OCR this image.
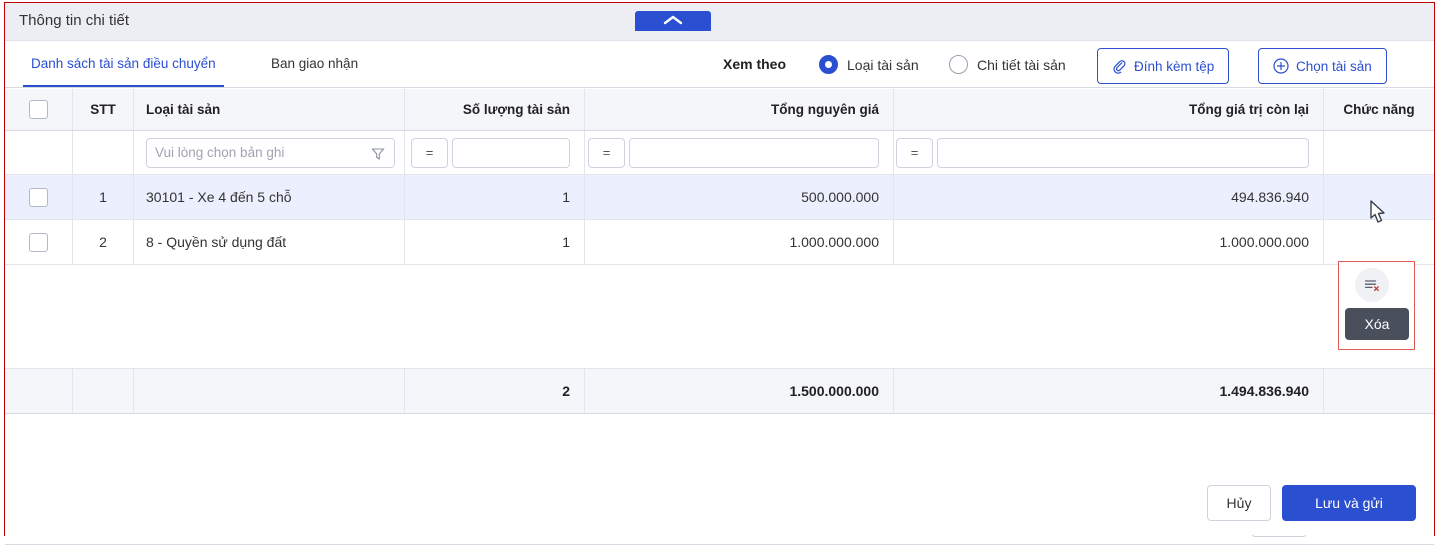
Thông tin chi tiết
Danh sách tài sản điều chuyển	Ban giao nhận	Xem theo	Loại tài sản	Chi tiết tài sản	Đính kèm tệp	Chọn tài sản
STT	Loại tài sản	Số lượng tài sản	Tổng nguyên giá	Tổng giá trị còn lại	Chức năng
Vui lòng chọn bản ghi	=	=	=
1	30101 - Xe 4 đến 5 chỗ	1	500.000.000	494.836.940
2	8 - Quyền sử dụng đất	1	1.000.000.000	1.000.000.000
2	1.500.000.000	1.494.836.940
Xóa
Hủy	Lưu và gửi
